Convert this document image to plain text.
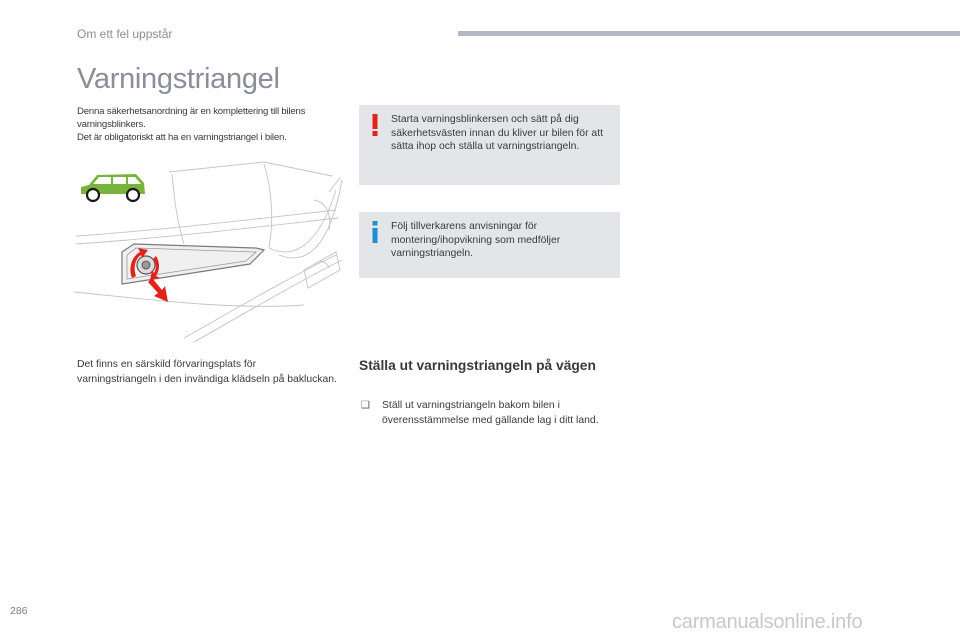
Om ett fel uppstår
Varningstriangel

Denna säkerhetsanordning är en komplettering till bilens varningsblinkers.

Det är obligatoriskt att ha en varningstriangel i bilen.

Starta varningsblinkersen och sätt på dig säkerhetsvästen innan du kliver ur bilen för att sätta ihop och ställa ut varningstriangeln.
Följ tillverkarens anvisningar för montering/ihopvikning som medföljer varningstriangeln.
Det finns en särskild förvaringsplats för varningstriangeln i den invändiga klädseln på bakluckan.
Ställa ut varningstriangeln på vägen
❑	Ställ ut varningstriangeln bakom bilen i överensstämmelse med gällande lag i ditt land.
286	carmanualsonline.info
